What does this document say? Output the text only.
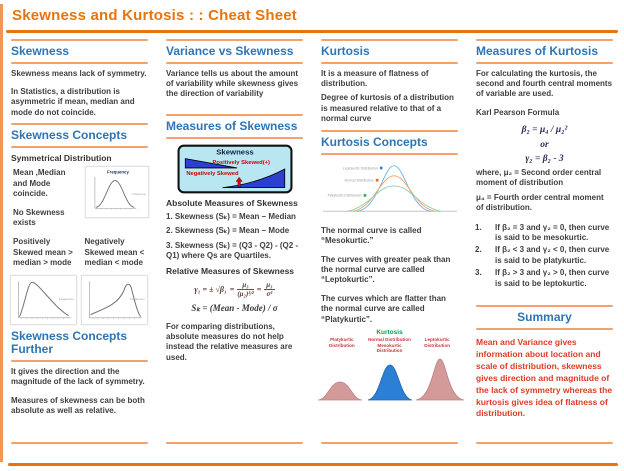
Skewness and Kurtosis : : Cheat Sheet
Skewness
Skewness means lack of symmetry.
In Statistics, a distribution is asymmetric if mean, median and mode do not coincide.
Skewness Concepts
Symmetrical Distribution
Mean ,Median and Mode coincide.
No Skewness exists
Frequency
Frequency
Positively Skewed mean > median > mode
Negatively Skewed mean < median < mode
Frequency	Frequency
Skewness Concepts Further
It gives the direction and the magnitude of the lack of symmetry.
Measures of skewness can be both absolute as well as relative.
Variance vs Skewness
Variance tells us about the amount of variability while skewness gives the direction of variability
Measures of Skewness
Skewness
Positively Skewed(+)
Negatively Skewed
Absolute Measures of Skewness
1. Skewness (Sₖ) = Mean – Median
2. Skewness (Sₖ) = Mean – Mode
3. Skewness (Sₖ) = (Q3 - Q2) - (Q2 - Q1) where Qs are Quartiles.
Relative Measures of Skewness
γ₁ = ± $√\beta_1 = \frac{\text{μ₃}}{\text{(μ₂)³⁄²}} = \frac{\text{μ₃}}{\text{σ³}}$
Sₖ = (Mean - Mode) / σ
For comparing distributions, absolute measures do not help instead the relative measures are used.
Kurtosis
It is a measure of flatness of distribution.
Degree of kurtosis of a distribution is measured relative to that of a normal curve
Kurtosis Concepts
Leptokurtic Distribution
Normal Distribution
Platykurtic Distribution
The normal curve is called “Mesokurtic.”
The curves with greater peak than the normal curve are called “Leptokurtic”.
The curves which are flatter than the normal curve are called “Platykurtic”.
Kurtosis
Platykurtic Distribution
Normal Distribution
Mesokurtic Distribution
Leptokurtic Distribution
Measures of Kurtosis
For calculating the kurtosis, the second and fourth central moments of variable are used.
Karl Pearson Formula
β₂ = μ₄ / μ₂²
or
γ₂ = β₂ - 3
where, μ₂ = Second order central moment of distribution
μ₄ = Fourth order central moment of distribution.
1.	If β₂ = 3 and γ₂ = 0, then curve is said to be mesokurtic.
2.	If β₂ < 3 and γ₂ < 0, then curve is said to be platykurtic.
3.	If β₂ > 3 and γ₂ > 0, then curve is said to be leptokurtic.
Summary
Mean and Variance gives information about location and scale of distribution, skewness gives direction and magnitude of the lack of symmetry whereas the kurtosis gives idea of flatness of distribution.
